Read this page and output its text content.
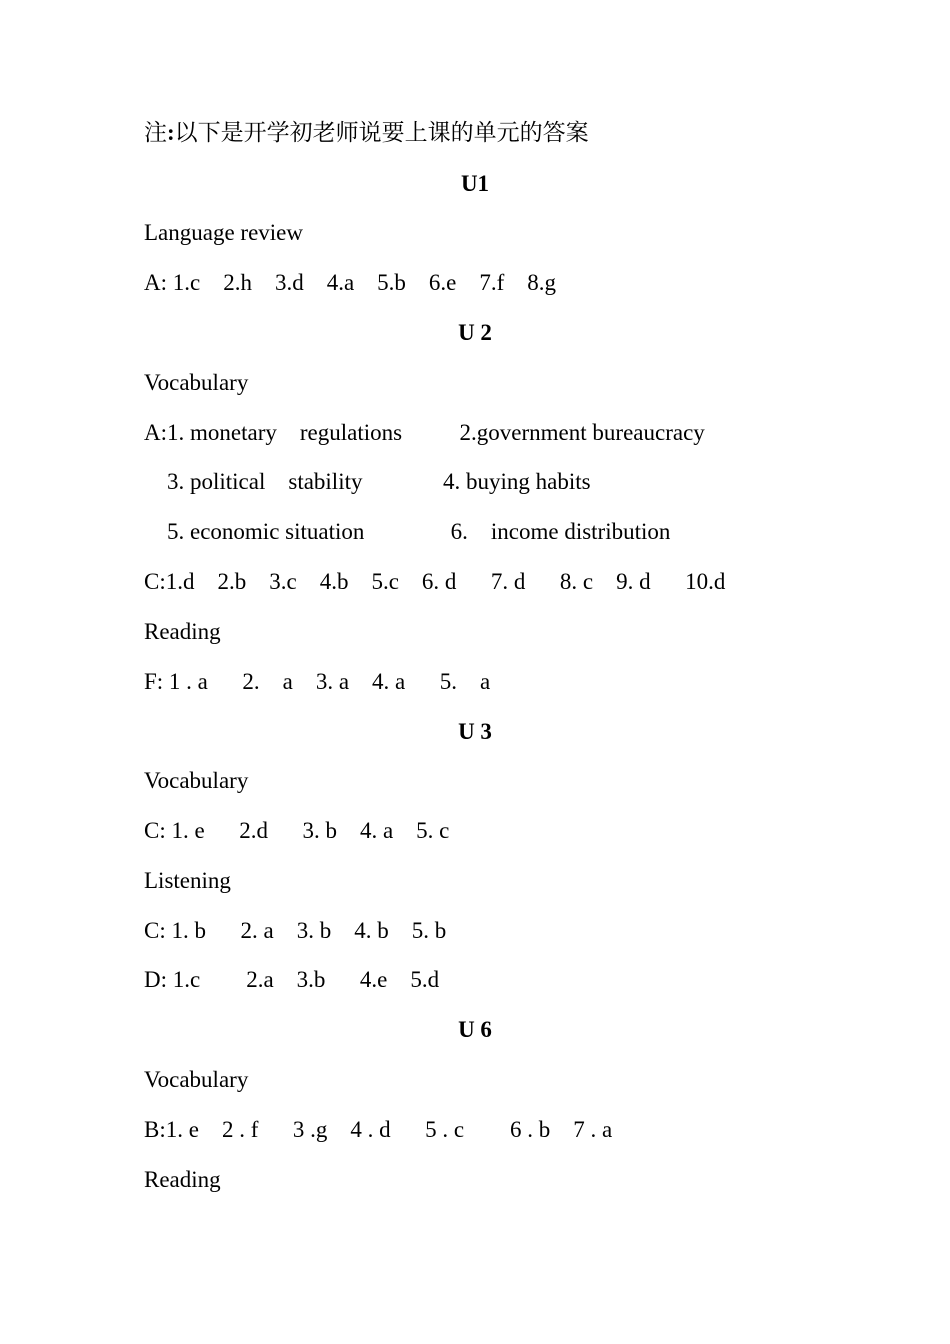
注:以下是开学初老师说要上课的单元的答案
U1
Language review
A: 1.c    2.h    3.d    4.a    5.b    6.e    7.f    8.g
U 2
Vocabulary
A:1. monetary    regulations          2.government bureaucracy
3. political    stability              4. buying habits
5. economic situation               6.    income distribution
C:1.d    2.b    3.c    4.b    5.c    6. d      7. d      8. c    9. d      10.d
Reading
F: 1 . a      2.    a    3. a    4. a      5.    a
U 3
Vocabulary
C: 1. e      2.d      3. b    4. a    5. c
Listening
C: 1. b      2. a    3. b    4. b    5. b
D: 1.c        2.a    3.b      4.e    5.d
U 6
Vocabulary
B:1. e    2 . f      3 .g    4 . d      5 . c        6 . b    7 . a
Reading
